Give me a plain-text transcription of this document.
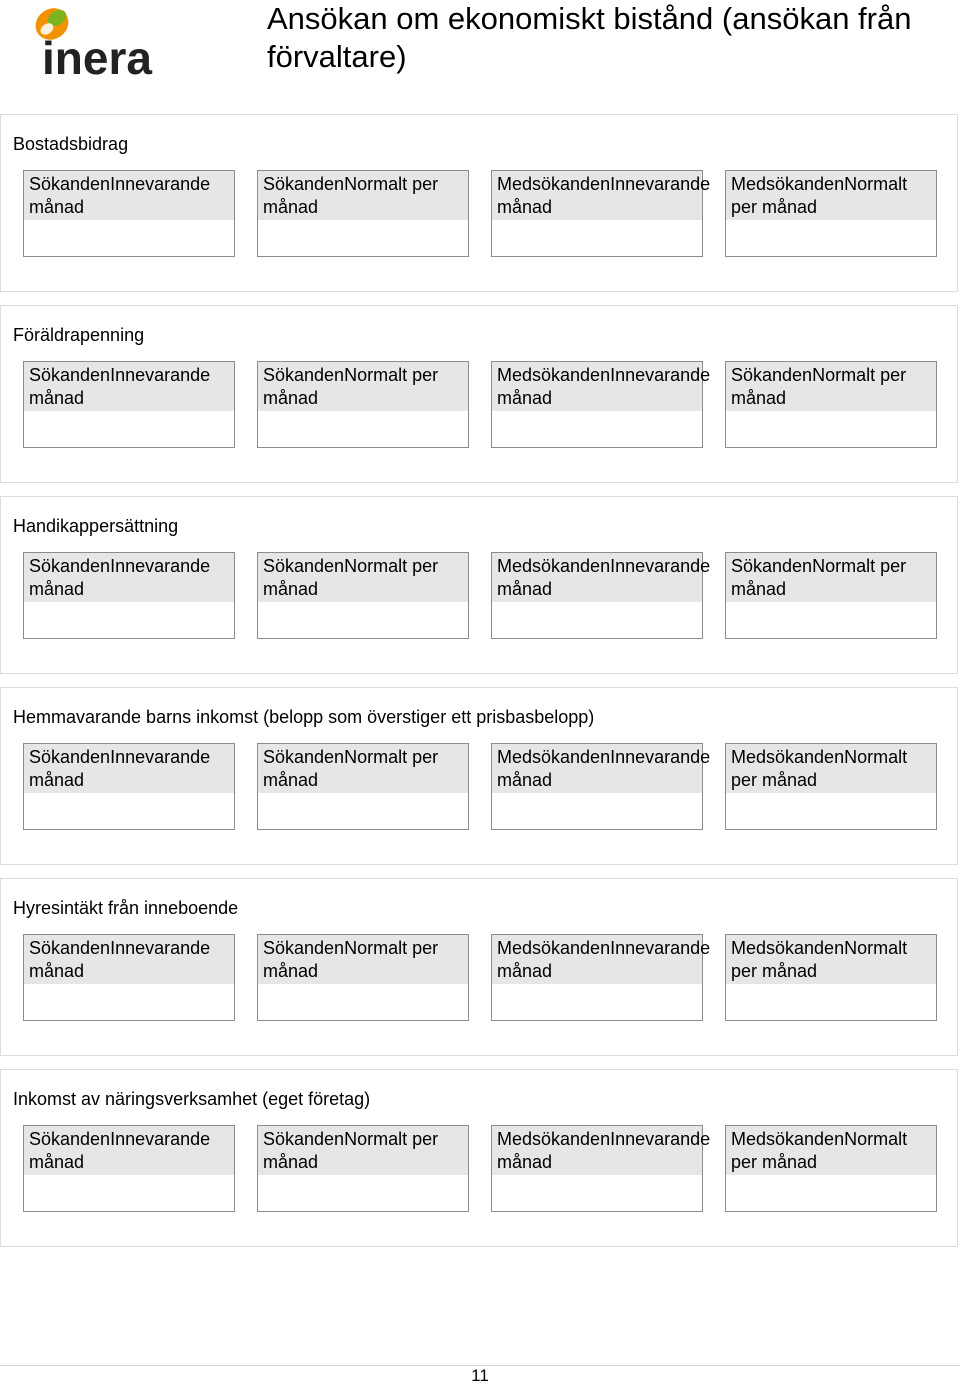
inera
Ansökan om ekonomiskt bistånd (ansökan från förvaltare)
Bostadsbidrag
SökandenInnevarande
månad
SökandenNormalt per
månad
MedsökandenInnevarande
månad
MedsökandenNormalt
per månad
Föräldrapenning
SökandenInnevarande
månad
SökandenNormalt per
månad
MedsökandenInnevarande
månad
SökandenNormalt per
månad
Handikappersättning
SökandenInnevarande
månad
SökandenNormalt per
månad
MedsökandenInnevarande
månad
SökandenNormalt per
månad
Hemmavarande barns inkomst (belopp som överstiger ett prisbasbelopp)
SökandenInnevarande
månad
SökandenNormalt per
månad
MedsökandenInnevarande
månad
MedsökandenNormalt
per månad
Hyresintäkt från inneboende
SökandenInnevarande
månad
SökandenNormalt per
månad
MedsökandenInnevarande
månad
MedsökandenNormalt
per månad
Inkomst av näringsverksamhet (eget företag)
SökandenInnevarande
månad
SökandenNormalt per
månad
MedsökandenInnevarande
månad
MedsökandenNormalt
per månad
11
